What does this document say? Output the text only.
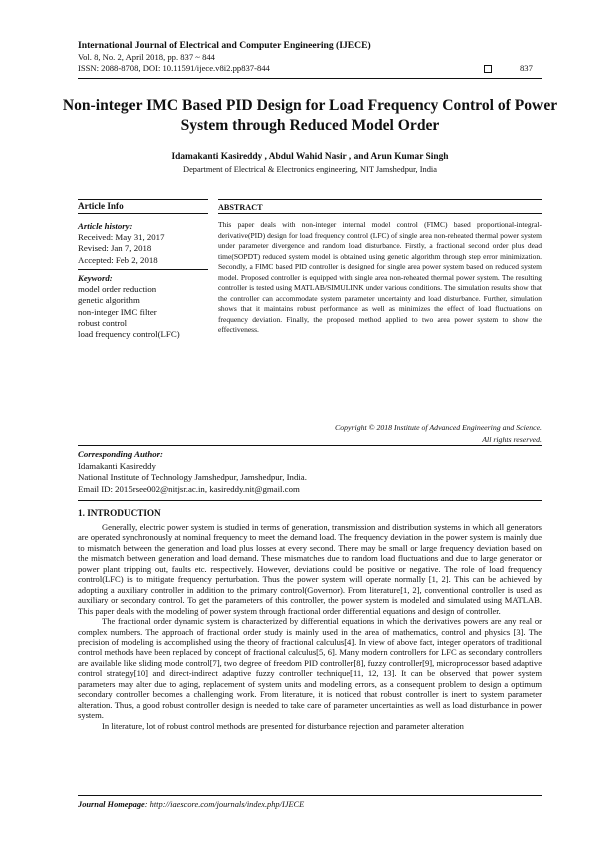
International Journal of Electrical and Computer Engineering (IJECE)
Vol. 8, No. 2, April 2018, pp. 837 ~ 844
ISSN: 2088-8708, DOI: 10.11591/ijece.v8i2.pp837-844	837
Non-integer IMC Based PID Design for Load Frequency Control of Power System through Reduced Model Order
Idamakanti Kasireddy , Abdul Wahid Nasir , and Arun Kumar Singh
Department of Electrical & Electronics engineering, NIT Jamshedpur, India
Article Info	ABSTRACT
Article history:
Received: May 31, 2017
Revised: Jan 7, 2018
Accepted: Feb 2, 2018
Keyword:
model order reduction
genetic algorithm
non-integer IMC filter
robust control
load frequency control(LFC)
This paper deals with non-integer internal model control (FIMC) based proportional-integral-derivative(PID) design for load frequency control (LFC) of single area non-reheated thermal power system under parameter divergence and random load disturbance. Firstly, a fractional second order plus dead time(SOPDT) reduced system model is obtained using genetic algorithm through step error minimization. Secondly, a FIMC based PID controller is designed for single area power system based on reduced system model. Proposed controller is equipped with single area non-reheated thermal power system. The resulting controller is tested using MATLAB/SIMULINK under various conditions. The simulation results show that the controller can accommodate system parameter uncertainty and load disturbance. Further, simulation shows that it maintains robust performance as well as minimizes the effect of load fluctuations on frequency deviation. Finally, the proposed method applied to two area power system to show the effectiveness.
Copyright © 2018 Institute of Advanced Engineering and Science.
All rights reserved.
Corresponding Author:
Idamakanti Kasireddy
National Institute of Technology Jamshedpur, Jamshedpur, India.
Email ID: 2015rsee002@nitjsr.ac.in, kasireddy.nit@gmail.com
1. INTRODUCTION

Generally, electric power system is studied in terms of generation, transmission and distribution systems in which all generators are operated synchronously at nominal frequency to meet the demand load. The frequency deviation in the power system is mainly due to mismatch between the generation and load plus losses at every second. There may be small or large frequency deviation based on the mismatch between generation and load demand. These mismatches due to random load fluctuations and due to large generator or power plant tripping out, faults etc. respectively. However, deviations could be positive or negative. The role of load frequency control(LFC) is to mitigate frequency perturbation. Thus the power system will operate normally [1, 2]. This can be achieved by adopting a auxiliary controller in addition to the primary control(Governor). From literature[1, 2], conventional controller is used as auxiliary or secondary control. To get the parameters of this controller, the power system is modeled and simulated using MATLAB. This paper deals with the modeling of power system through fractional order differential equations and design of controller.

The fractional order dynamic system is characterized by differential equations in which the derivatives powers are any real or complex numbers. The approach of fractional order study is mainly used in the area of mathematics, control and physics [3]. The precision of modeling is accomplished using the theory of fractional calculus[4]. In view of above fact, integer operators of traditional control methods have been replaced by concept of fractional calculus[5, 6]. Many modern controllers for LFC as secondary controllers are available like sliding mode control[7], two degree of freedom PID controller[8], fuzzy controller[9], microprocessor based adaptive control strategy[10] and direct-indirect adaptive fuzzy controller technique[11, 12, 13]. It can be observed that power system parameters may alter due to aging, replacement of system units and modeling errors, as a consequent problem to design a optimum secondary controller becomes a challenging work. From literature, it is noticed that robust controller is inert to system parameter alteration. Thus, a good robust controller design is needed to take care of parameter uncertainties as well as load disturbance in power system.

In literature, lot of robust control methods are presented for disturbance rejection and parameter alteration

Journal Homepage: http://iaescore.com/journals/index.php/IJECE
